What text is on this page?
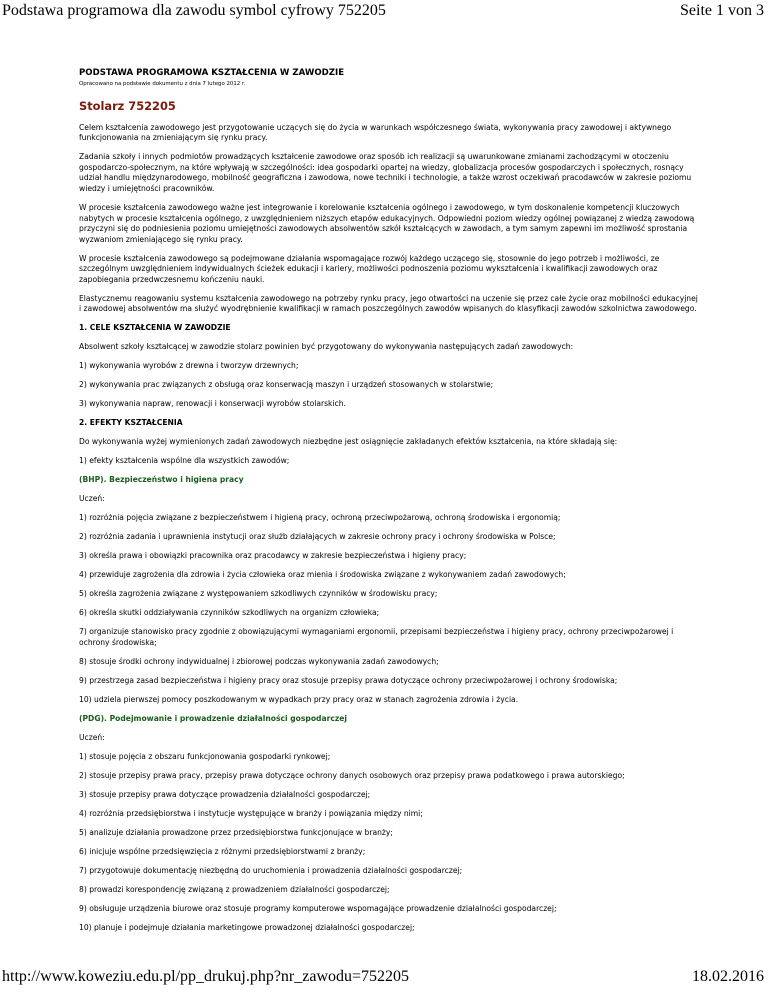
Podstawa programowa dla zawodu symbol cyfrowy 752205	Seite 1 von 3

PODSTAWA PROGRAMOWA KSZTAŁCENIA W ZAWODZIE

Opracowano na podstawie dokumentu z dnia 7 lutego 2012 r.

Stolarz 752205

Celem kształcenia zawodowego jest przygotowanie uczących się do życia w warunkach współczesnego świata, wykonywania pracy zawodowej i aktywnego funkcjonowania na zmieniającym się rynku pracy.

Zadania szkoły i innych podmiotów prowadzących kształcenie zawodowe oraz sposób ich realizacji są uwarunkowane zmianami zachodzącymi w otoczeniu gospodarczo-społecznym, na które wpływają w szczególności: idea gospodarki opartej na wiedzy, globalizacja procesów gospodarczych i społecznych, rosnący udział handlu międzynarodowego, mobilność geograficzna i zawodowa, nowe techniki i technologie, a także wzrost oczekiwań pracodawców w zakresie poziomu wiedzy i umiejętności pracowników.

W procesie kształcenia zawodowego ważne jest integrowanie i korelowanie kształcenia ogólnego i zawodowego, w tym doskonalenie kompetencji kluczowych nabytych w procesie kształcenia ogólnego, z uwzględnieniem niższych etapów edukacyjnych. Odpowiedni poziom wiedzy ogólnej powiązanej z wiedzą zawodową przyczyni się do podniesienia poziomu umiejętności zawodowych absolwentów szkół kształcących w zawodach, a tym samym zapewni im możliwość sprostania wyzwaniom zmieniającego się rynku pracy.

W procesie kształcenia zawodowego są podejmowane działania wspomagające rozwój każdego uczącego się, stosownie do jego potrzeb i możliwości, ze szczególnym uwzględnieniem indywidualnych ścieżek edukacji i kariery, możliwości podnoszenia poziomu wykształcenia i kwalifikacji zawodowych oraz zapobiegania przedwczesnemu kończeniu nauki.

Elastycznemu reagowaniu systemu kształcenia zawodowego na potrzeby rynku pracy, jego otwartości na uczenie się przez całe życie oraz mobilności edukacyjnej i zawodowej absolwentów ma służyć wyodrębnienie kwalifikacji w ramach poszczególnych zawodów wpisanych do klasyfikacji zawodów szkolnictwa zawodowego.

1. CELE KSZTAŁCENIA W ZAWODZIE

Absolwent szkoły kształcącej w zawodzie stolarz powinien być przygotowany do wykonywania następujących zadań zawodowych:

1) wykonywania wyrobów z drewna i tworzyw drzewnych;

2) wykonywania prac związanych z obsługą oraz konserwacją maszyn i urządzeń stosowanych w stolarstwie;

3) wykonywania napraw, renowacji i konserwacji wyrobów stolarskich.

2. EFEKTY KSZTAŁCENIA

Do wykonywania wyżej wymienionych zadań zawodowych niezbędne jest osiągnięcie zakładanych efektów kształcenia, na które składają się:

1) efekty kształcenia wspólne dla wszystkich zawodów;

(BHP). Bezpieczeństwo i higiena pracy

Uczeń:

1) rozróżnia pojęcia związane z bezpieczeństwem i higieną pracy, ochroną przeciwpożarową, ochroną środowiska i ergonomią;

2) rozróżnia zadania i uprawnienia instytucji oraz służb działających w zakresie ochrony pracy i ochrony środowiska w Polsce;

3) określa prawa i obowiązki pracownika oraz pracodawcy w zakresie bezpieczeństwa i higieny pracy;

4) przewiduje zagrożenia dla zdrowia i życia człowieka oraz mienia i środowiska związane z wykonywaniem zadań zawodowych;

5) określa zagrożenia związane z występowaniem szkodliwych czynników w środowisku pracy;

6) określa skutki oddziaływania czynników szkodliwych na organizm człowieka;

7) organizuje stanowisko pracy zgodnie z obowiązującymi wymaganiami ergonomii, przepisami bezpieczeństwa i higieny pracy, ochrony przeciwpożarowej i ochrony środowiska;

8) stosuje środki ochrony indywidualnej i zbiorowej podczas wykonywania zadań zawodowych;

9) przestrzega zasad bezpieczeństwa i higieny pracy oraz stosuje przepisy prawa dotyczące ochrony przeciwpożarowej i ochrony środowiska;

10) udziela pierwszej pomocy poszkodowanym w wypadkach przy pracy oraz w stanach zagrożenia zdrowia i życia.

(PDG). Podejmowanie i prowadzenie działalności gospodarczej

Uczeń:

1) stosuje pojęcia z obszaru funkcjonowania gospodarki rynkowej;

2) stosuje przepisy prawa pracy, przepisy prawa dotyczące ochrony danych osobowych oraz przepisy prawa podatkowego i prawa autorskiego;

3) stosuje przepisy prawa dotyczące prowadzenia działalności gospodarczej;

4) rozróżnia przedsiębiorstwa i instytucje występujące w branży i powiązania między nimi;

5) analizuje działania prowadzone przez przedsiębiorstwa funkcjonujące w branży;

6) inicjuje wspólne przedsięwzięcia z różnymi przedsiębiorstwami z branży;

7) przygotowuje dokumentację niezbędną do uruchomienia i prowadzenia działalności gospodarczej;

8) prowadzi korespondencję związaną z prowadzeniem działalności gospodarczej;

9) obsługuje urządzenia biurowe oraz stosuje programy komputerowe wspomagające prowadzenie działalności gospodarczej;

10) planuje i podejmuje działania marketingowe prowadzonej działalności gospodarczej;

http://www.koweziu.edu.pl/pp_drukuj.php?nr_zawodu=752205	18.02.2016
